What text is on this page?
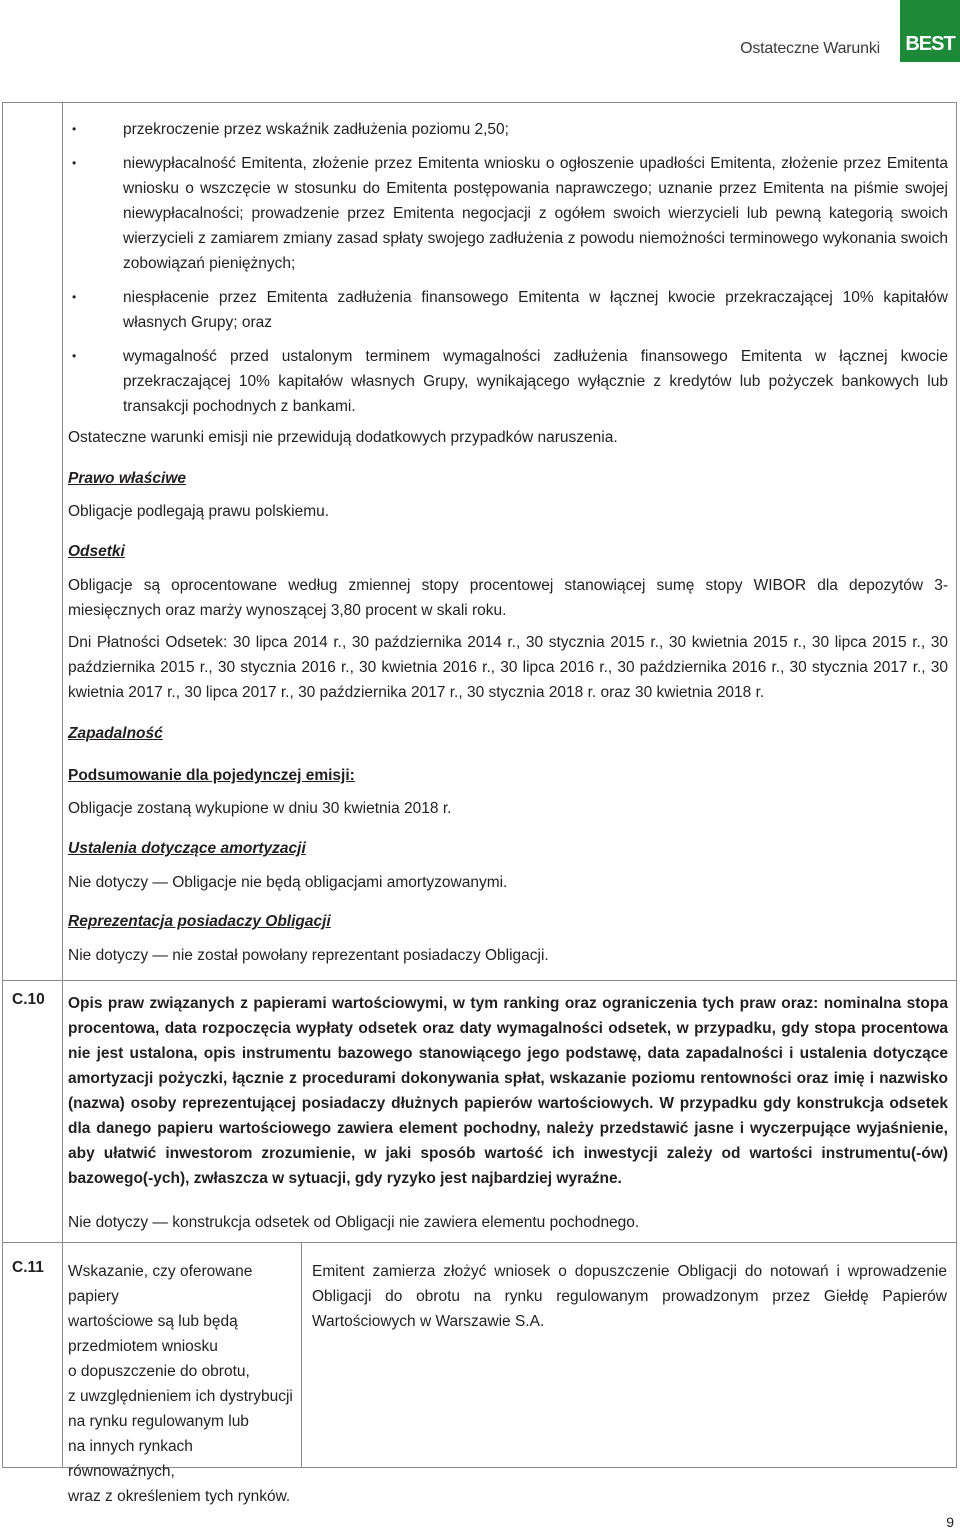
Ostateczne Warunki BEST
• przekroczenie przez wskaźnik zadłużenia poziomu 2,50;
• niewypłacalność Emitenta, złożenie przez Emitenta wniosku o ogłoszenie upadłości Emitenta, złożenie przez Emitenta wniosku o wszczęcie w stosunku do Emitenta postępowania naprawczego; uznanie przez Emitenta na piśmie swojej niewypłacalności; prowadzenie przez Emitenta negocjacji z ogółem swoich wierzycieli lub pewną kategorią swoich wierzycieli z zamiarem zmiany zasad spłaty swojego zadłużenia z powodu niemożności terminowego wykonania swoich zobowiązań pieniężnych;
• niespłacenie przez Emitenta zadłużenia finansowego Emitenta w łącznej kwocie przekraczającej 10% kapitałów własnych Grupy; oraz
• wymagalność przed ustalonym terminem wymagalności zadłużenia finansowego Emitenta w łącznej kwocie przekraczającej 10% kapitałów własnych Grupy, wynikającego wyłącznie z kredytów lub pożyczek bankowych lub transakcji pochodnych z bankami.

Ostateczne warunki emisji nie przewidują dodatkowych przypadków naruszenia.

Prawo właściwe

Obligacje podlegają prawu polskiemu.

Odsetki

Obligacje są oprocentowane według zmiennej stopy procentowej stanowiącej sumę stopy WIBOR dla depozytów 3-miesięcznych oraz marży wynoszącej 3,80 procent w skali roku.

Dni Płatności Odsetek: 30 lipca 2014 r., 30 października 2014 r., 30 stycznia 2015 r., 30 kwietnia 2015 r., 30 lipca 2015 r., 30 października 2015 r., 30 stycznia 2016 r., 30 kwietnia 2016 r., 30 lipca 2016 r., 30 października 2016 r., 30 stycznia 2017 r., 30 kwietnia 2017 r., 30 lipca 2017 r., 30 października 2017 r., 30 stycznia 2018 r. oraz 30 kwietnia 2018 r.

Zapadalność

Podsumowanie dla pojedynczej emisji:

Obligacje zostaną wykupione w dniu 30 kwietnia 2018 r.

Ustalenia dotyczące amortyzacji

Nie dotyczy — Obligacje nie będą obligacjami amortyzowanymi.

Reprezentacja posiadaczy Obligacji

Nie dotyczy — nie został powołany reprezentant posiadaczy Obligacji.

C.10 Opis praw związanych z papierami wartościowymi, w tym ranking oraz ograniczenia tych praw oraz: nominalna stopa procentowa, data rozpoczęcia wypłaty odsetek oraz daty wymagalności odsetek, w przypadku, gdy stopa procentowa nie jest ustalona, opis instrumentu bazowego stanowiącego jego podstawę, data zapadalności i ustalenia dotyczące amortyzacji pożyczki, łącznie z procedurami dokonywania spłat, wskazanie poziomu rentowności oraz imię i nazwisko (nazwa) osoby reprezentującej posiadaczy dłużnych papierów wartościowych. W przypadku gdy konstrukcja odsetek dla danego papieru wartościowego zawiera element pochodny, należy przedstawić jasne i wyczerpujące wyjaśnienie, aby ułatwić inwestorom zrozumienie, w jaki sposób wartość ich inwestycji zależy od wartości instrumentu(-ów) bazowego(-ych), zwłaszcza w sytuacji, gdy ryzyko jest najbardziej wyraźne.

Nie dotyczy — konstrukcja odsetek od Obligacji nie zawiera elementu pochodnego.

C.11 Wskazanie, czy oferowane papiery
wartościowe są lub będą
przedmiotem wniosku
o dopuszczenie do obrotu,
z uwzględnieniem ich dystrybucji
na rynku regulowanym lub
na innych rynkach równoważnych,
wraz z określeniem tych rynków.

Emitent zamierza złożyć wniosek o dopuszczenie Obligacji do notowań i wprowadzenie Obligacji do obrotu na rynku regulowanym prowadzonym przez Giełdę Papierów Wartościowych w Warszawie S.A.

9
